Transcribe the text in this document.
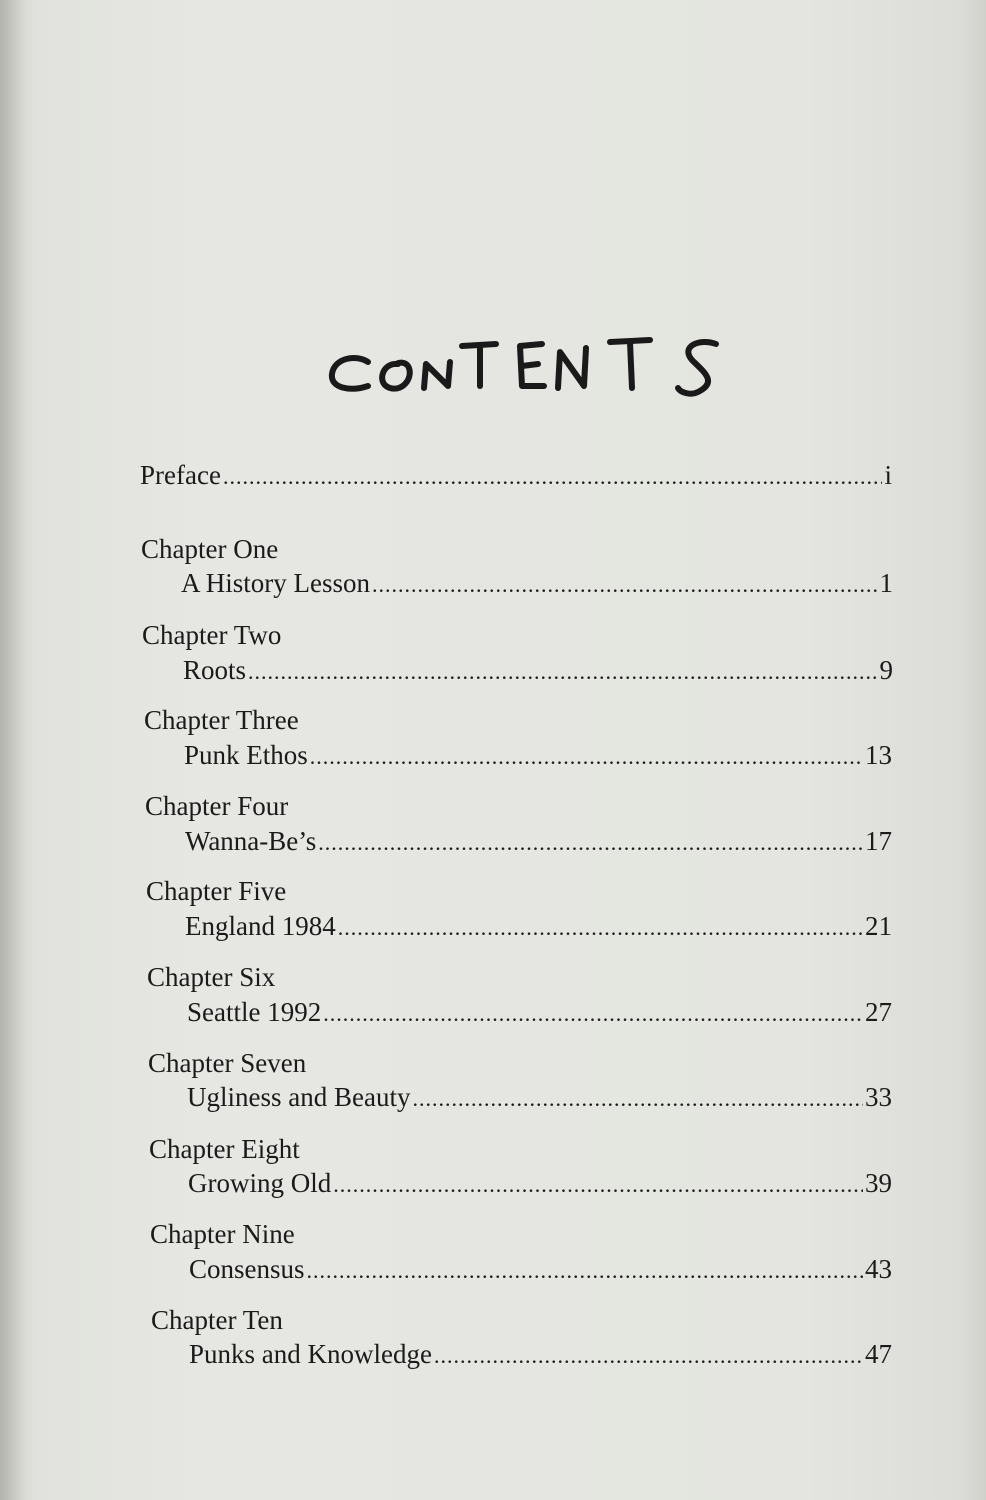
Preface .....	i
Chapter One
A History Lesson .....	1
Chapter Two
Roots .....	9
Chapter Three
Punk Ethos .....	13
Chapter Four
Wanna-Be’s .....	17
Chapter Five
England 1984 .....	21
Chapter Six
Seattle 1992 .....	27
Chapter Seven
Ugliness and Beauty .....	33
Chapter Eight
Growing Old .....	39
Chapter Nine
Consensus .....	43
Chapter Ten
Punks and Knowledge .....	47
